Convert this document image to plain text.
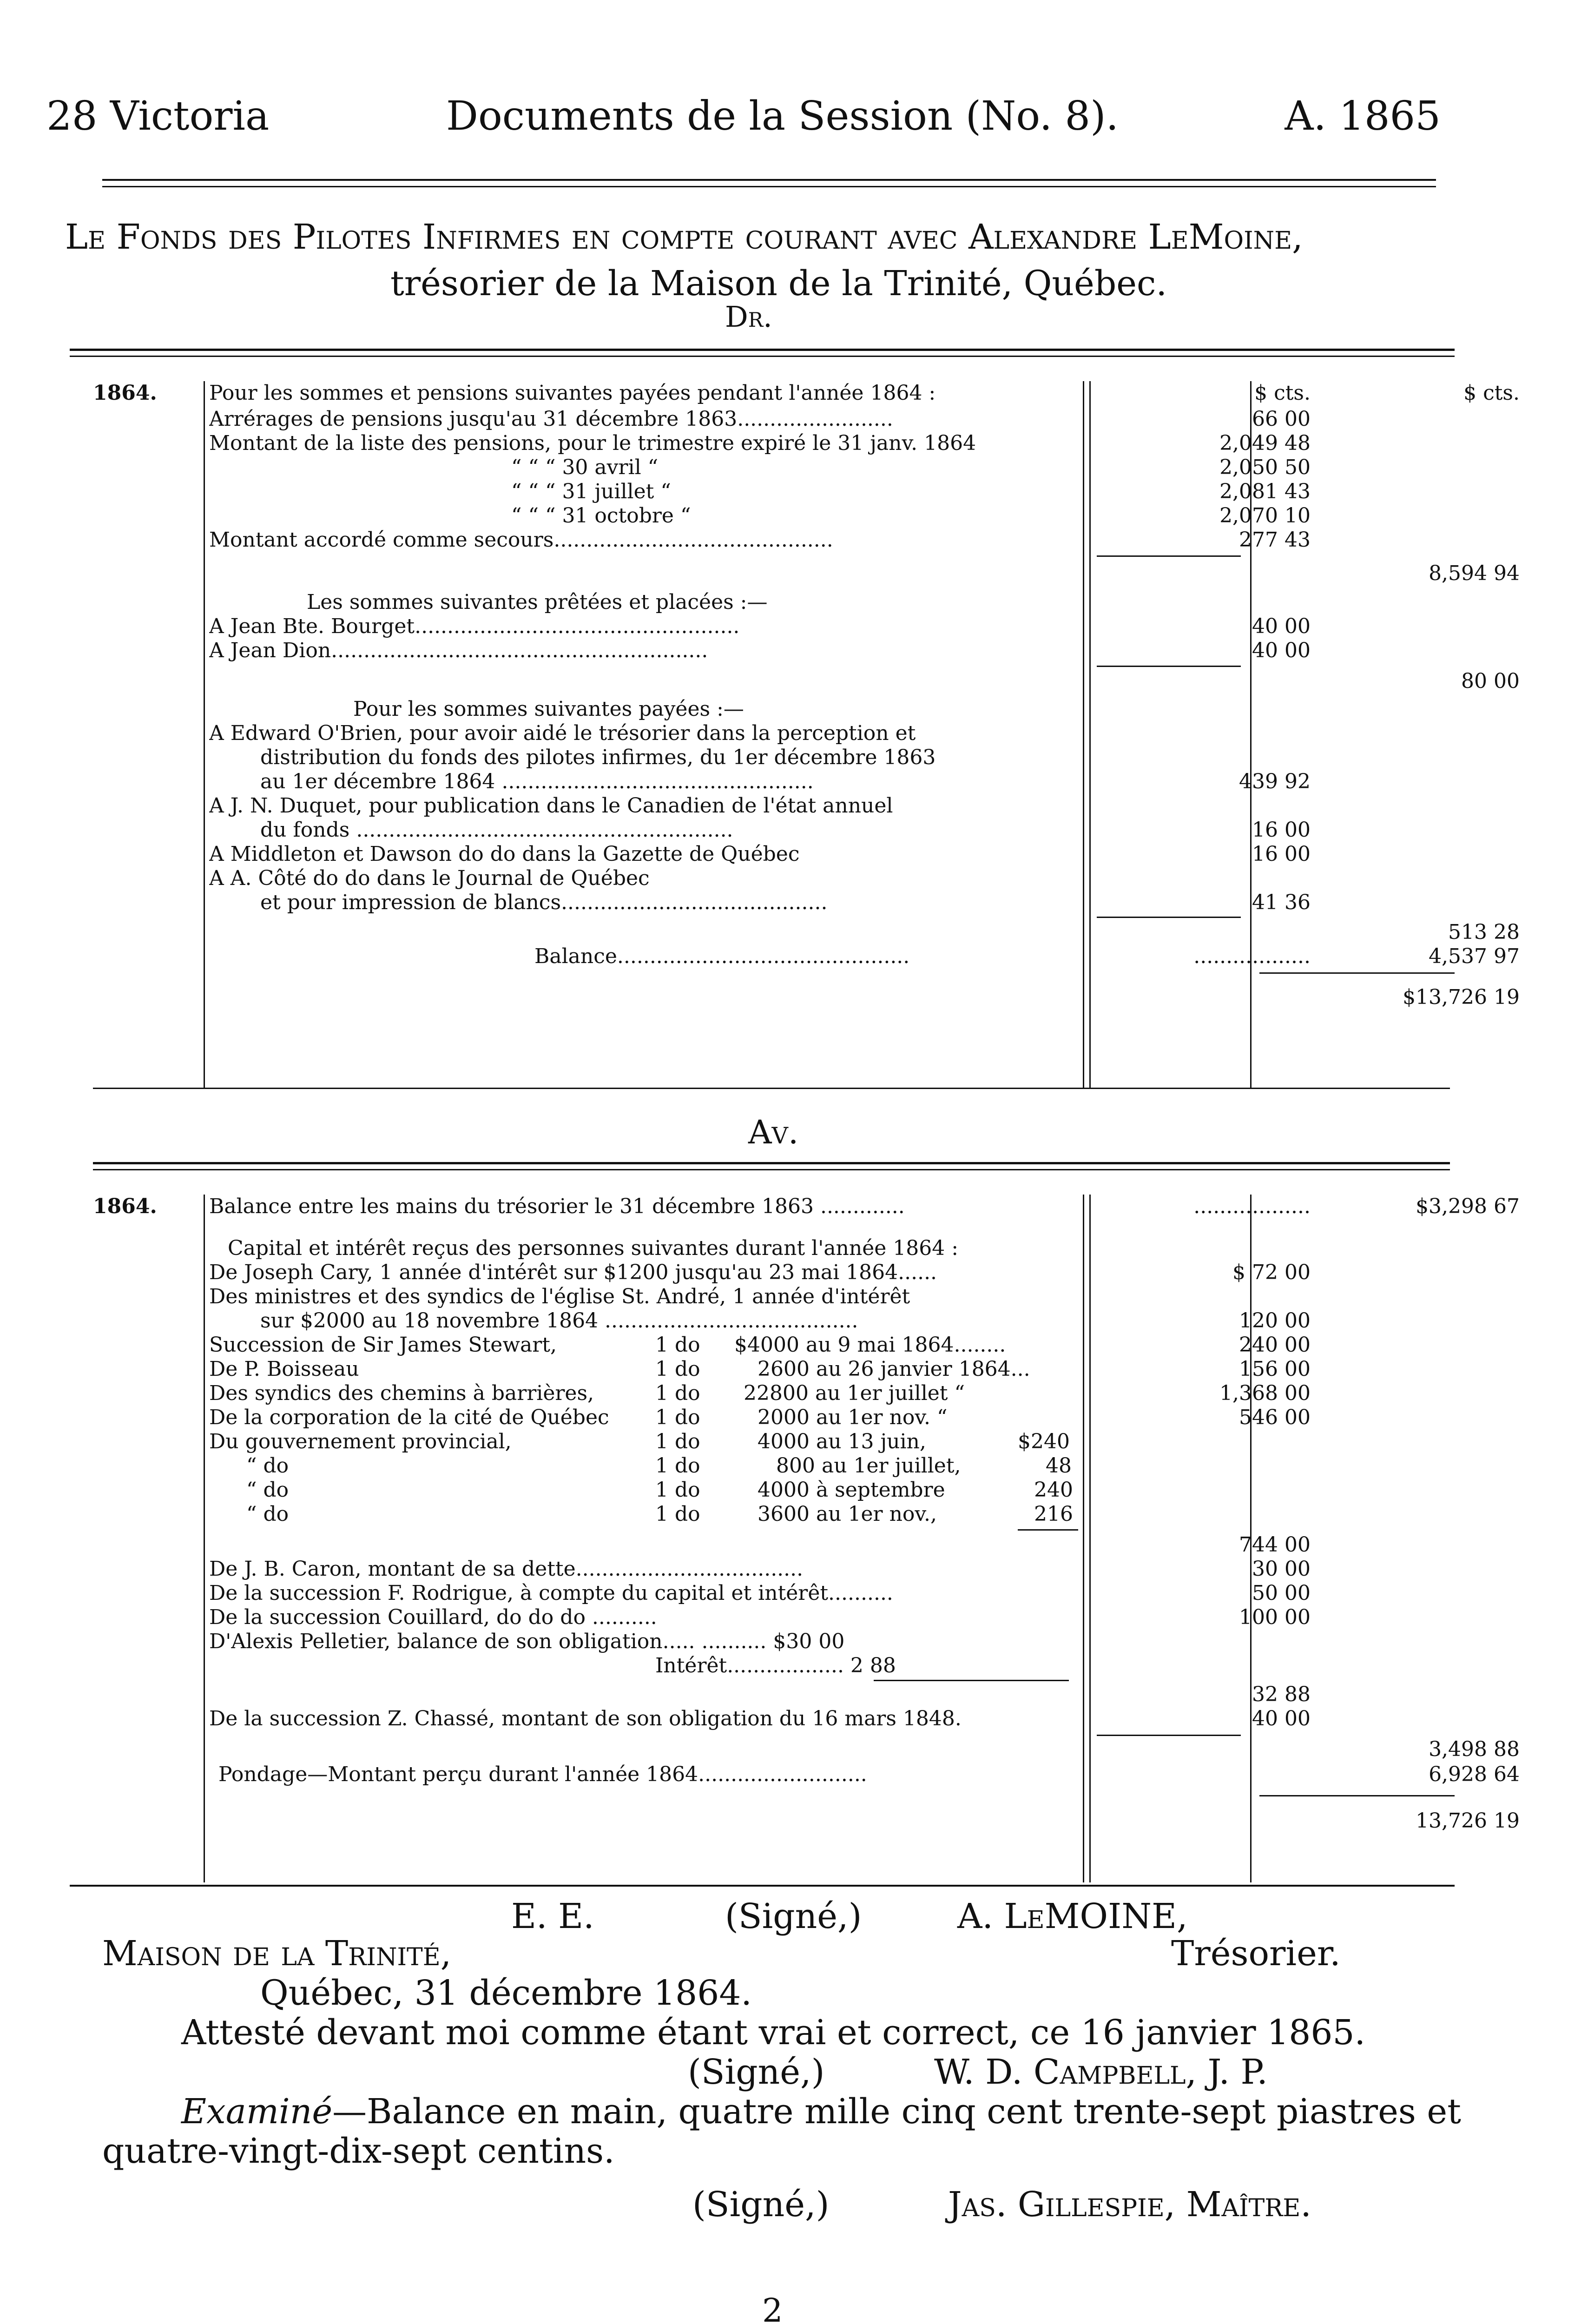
28 Victoria	Documents de la Session (No. 8).	A. 1865
Le Fonds des Pilotes Infirmes en compte courant avec Alexandre LeMoine,
trésorier de la Maison de la Trinité, Québec.
Dr.
1864.	Pour les sommes et pensions suivantes payées pendant l'année 1864 :	$ cts.	$ cts.
Arrérages de pensions jusqu'au 31 décembre 1863........................	66 00
Montant de la liste des pensions, pour le trimestre expiré le 31 janv. 1864	2,049 48
“ “ “ 30 avril “	2,050 50
“ “ “ 31 juillet “	2,081 43
“ “ “ 31 octobre “	2,070 10
Montant accordé comme secours...........................................	277 43
8,594 94
Les sommes suivantes prêtées et placées :—
A Jean Bte. Bourget..................................................	40 00
A Jean Dion..........................................................	40 00
80 00
Pour les sommes suivantes payées :—
A Edward O'Brien, pour avoir aidé le trésorier dans la perception et
distribution du fonds des pilotes infirmes, du 1er décembre 1863
au 1er décembre 1864 ................................................	439 92
A J. N. Duquet, pour publication dans le Canadien de l'état annuel
du fonds ..........................................................	16 00
A Middleton et Dawson do do dans la Gazette de Québec	16 00
A A. Côté do do dans le Journal de Québec
et pour impression de blancs.........................................	41 36
513 28
Balance.............................................	..................	4,537 97
$13,726 19
Av.
1864.	Balance entre les mains du trésorier le 31 décembre 1863 .............	..................	$3,298 67
Capital et intérêt reçus des personnes suivantes durant l'année 1864 :
De Joseph Cary, 1 année d'intérêt sur $1200 jusqu'au 23 mai 1864......	$ 72 00
Des ministres et des syndics de l'église St. André, 1 année d'intérêt
sur $2000 au 18 novembre 1864 .......................................	120 00
Succession de Sir James Stewart,	1 do $4000 au 9 mai 1864........	240 00
De P. Boisseau	1 do	2600 au 26 janvier 1864...	156 00
Des syndics des chemins à barrières,	1 do 22800 au 1er juillet “	1,368 00
De la corporation de la cité de Québec 1 do	2000 au 1er nov. “	546 00
Du gouvernement provincial,	1 do	4000 au 13 juin,	$240
“ do	1 do	800 au 1er juillet,	48
“ do	1 do	4000 à septembre	240
“ do	1 do	3600 au 1er nov.,	216
744 00
De J. B. Caron, montant de sa dette...................................	30 00
De la succession F. Rodrigue, à compte du capital et intérêt..........	50 00
De la succession Couillard, do do do ..........	100 00
D'Alexis Pelletier, balance de son obligation..... .......... $30 00
Intérêt.................. 2 88
32 88
De la succession Z. Chassé, montant de son obligation du 16 mars 1848.	40 00
3,498 88
Pondage—Montant perçu durant l'année 1864..........................	6,928 64
13,726 19
E. E.	(Signé,)	A. LeMOINE,
Maison de la Trinité,	Trésorier.
Québec, 31 décembre 1864.
Attesté devant moi comme étant vrai et correct, ce 16 janvier 1865.
(Signé,)	W. D. Campbell, J. P.
Examiné—Balance en main, quatre mille cinq cent trente-sept piastres et
quatre-vingt-dix-sept centins.
(Signé,)	Jas. Gillespie, Maître.
2
